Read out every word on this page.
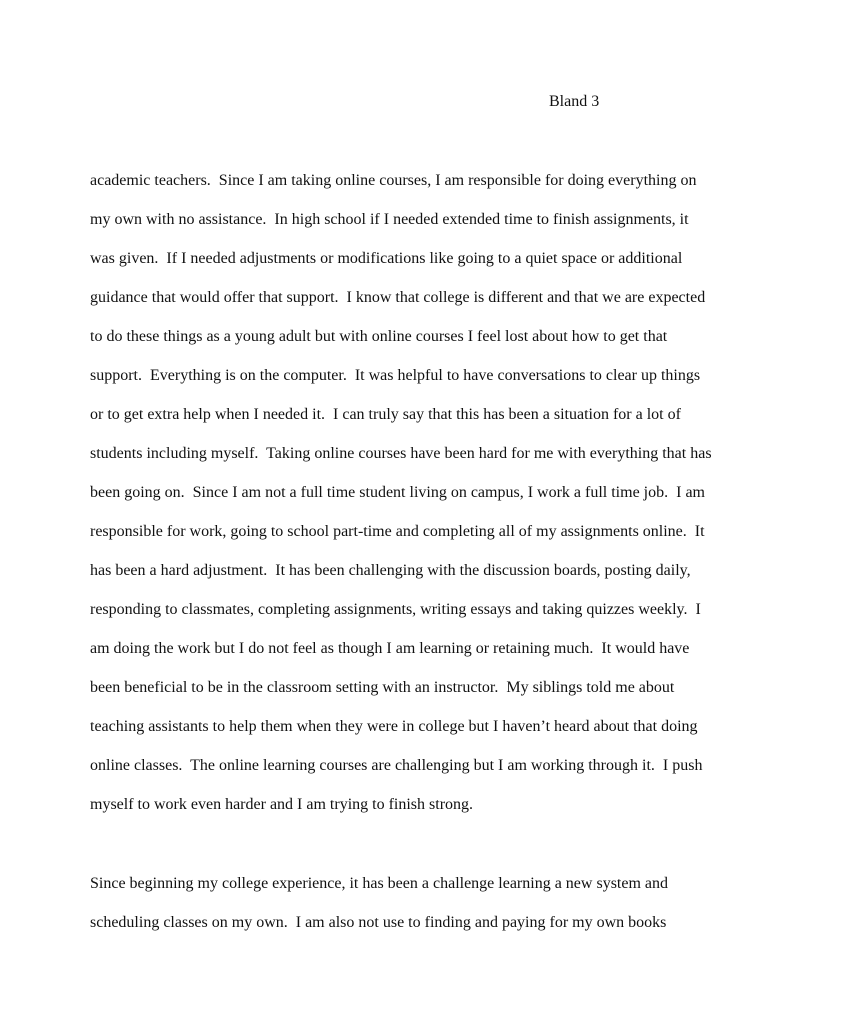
Bland 3
academic teachers.  Since I am taking online courses, I am responsible for doing everything on
my own with no assistance.  In high school if I needed extended time to finish assignments, it
was given.  If I needed adjustments or modifications like going to a quiet space or additional
guidance that would offer that support.  I know that college is different and that we are expected
to do these things as a young adult but with online courses I feel lost about how to get that
support.  Everything is on the computer.  It was helpful to have conversations to clear up things
or to get extra help when I needed it.  I can truly say that this has been a situation for a lot of
students including myself.  Taking online courses have been hard for me with everything that has
been going on.  Since I am not a full time student living on campus, I work a full time job.  I am
responsible for work, going to school part-time and completing all of my assignments online.  It
has been a hard adjustment.  It has been challenging with the discussion boards, posting daily,
responding to classmates, completing assignments, writing essays and taking quizzes weekly.  I
am doing the work but I do not feel as though I am learning or retaining much.  It would have
been beneficial to be in the classroom setting with an instructor.  My siblings told me about
teaching assistants to help them when they were in college but I haven’t heard about that doing
online classes.  The online learning courses are challenging but I am working through it.  I push
myself to work even harder and I am trying to finish strong.
Since beginning my college experience, it has been a challenge learning a new system and
scheduling classes on my own.  I am also not use to finding and paying for my own books
